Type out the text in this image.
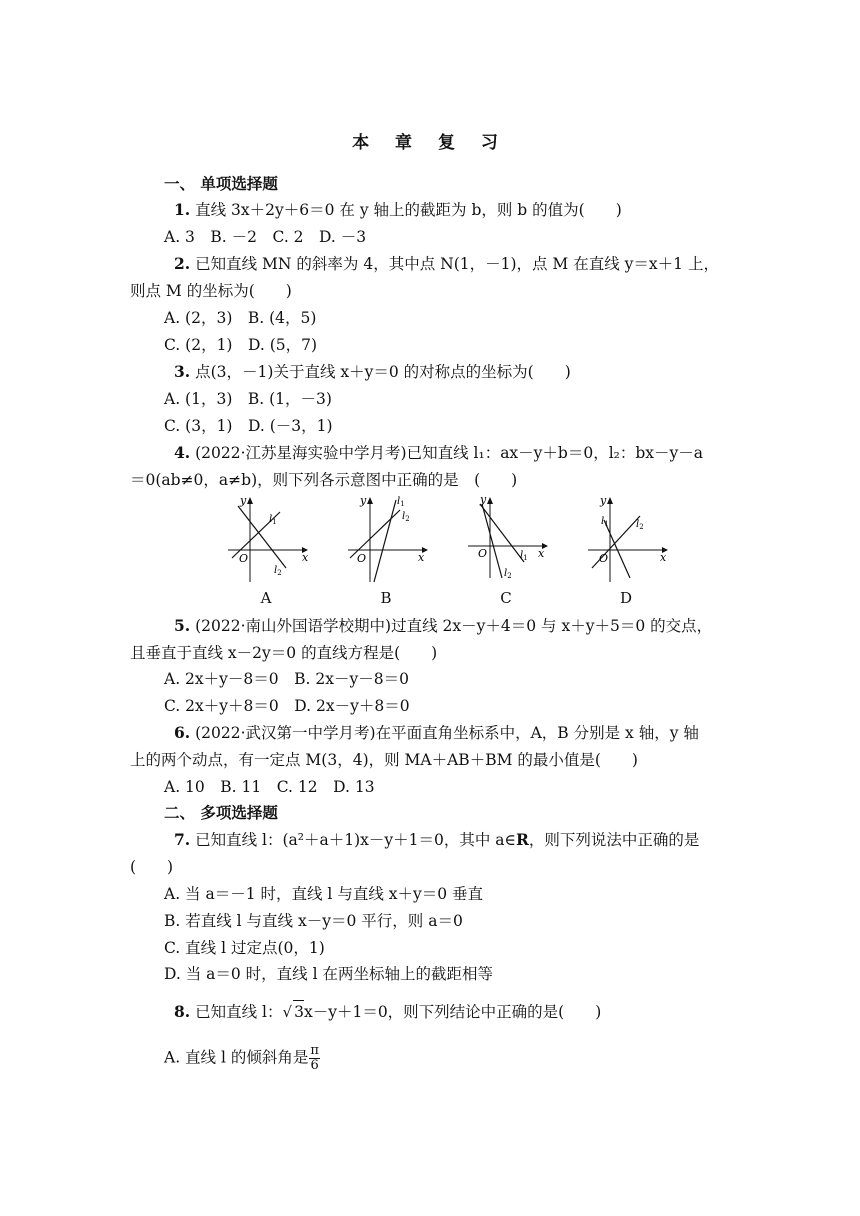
本 章 复 习
一、 单项选择题
1. 直线 3x＋2y＋6＝0 在 y 轴上的截距为 b，则 b 的值为(　　)
A. 3　B. －2　C. 2　D. －3
2. 已知直线 MN 的斜率为 4，其中点 N(1，－1)，点 M 在直线 y＝x＋1 上，
则点 M 的坐标为(　　)
A. (2，3)　B. (4，5)
C. (2，1)　D. (5，7)
3. 点(3，－1)关于直线 x＋y＝0 的对称点的坐标为(　　)
A. (1，3)　B. (1，－3)
C. (3，1)　D. (－3，1)
4. (2022·江苏星海实验中学月考)已知直线 l₁：ax－y＋b＝0，l₂：bx－y－a
＝0(ab≠0，a≠b)，则下列各示意图中正确的是　(　　)
y
x
O
$l_1$
$l_2$
A
y
x
O
$l_1$
$l_2$
B
y
x
O	$l_1$
$l_2$
C
y
x
O
$l_1$	$l_2$
D
5. (2022·南山外国语学校期中)过直线 2x－y＋4＝0 与 x＋y＋5＝0 的交点，
且垂直于直线 x－2y＝0 的直线方程是(　　)
A. 2x＋y－8＝0　B. 2x－y－8＝0
C. 2x＋y＋8＝0　D. 2x－y＋8＝0
6. (2022·武汉第一中学月考)在平面直角坐标系中，A，B 分别是 x 轴，y 轴
上的两个动点，有一定点 M(3，4)，则 MA＋AB＋BM 的最小值是(　　)
A. 10　B. 11　C. 12　D. 13
二、 多项选择题
7. 已知直线 l：(a²＋a＋1)x－y＋1＝0，其中 a∈R，则下列说法中正确的是
(　　)
A. 当 a＝－1 时，直线 l 与直线 x＋y＝0 垂直
B. 若直线 l 与直线 x－y＝0 平行，则 a＝0
C. 直线 l 过定点(0，1)
D. 当 a＝0 时，直线 l 在两坐标轴上的截距相等
8. 已知直线 l：√ 3x－y＋1＝0，则下列结论中正确的是(　　)
A. 直线 l 的倾斜角是 $\frac{\pi}{6}$
